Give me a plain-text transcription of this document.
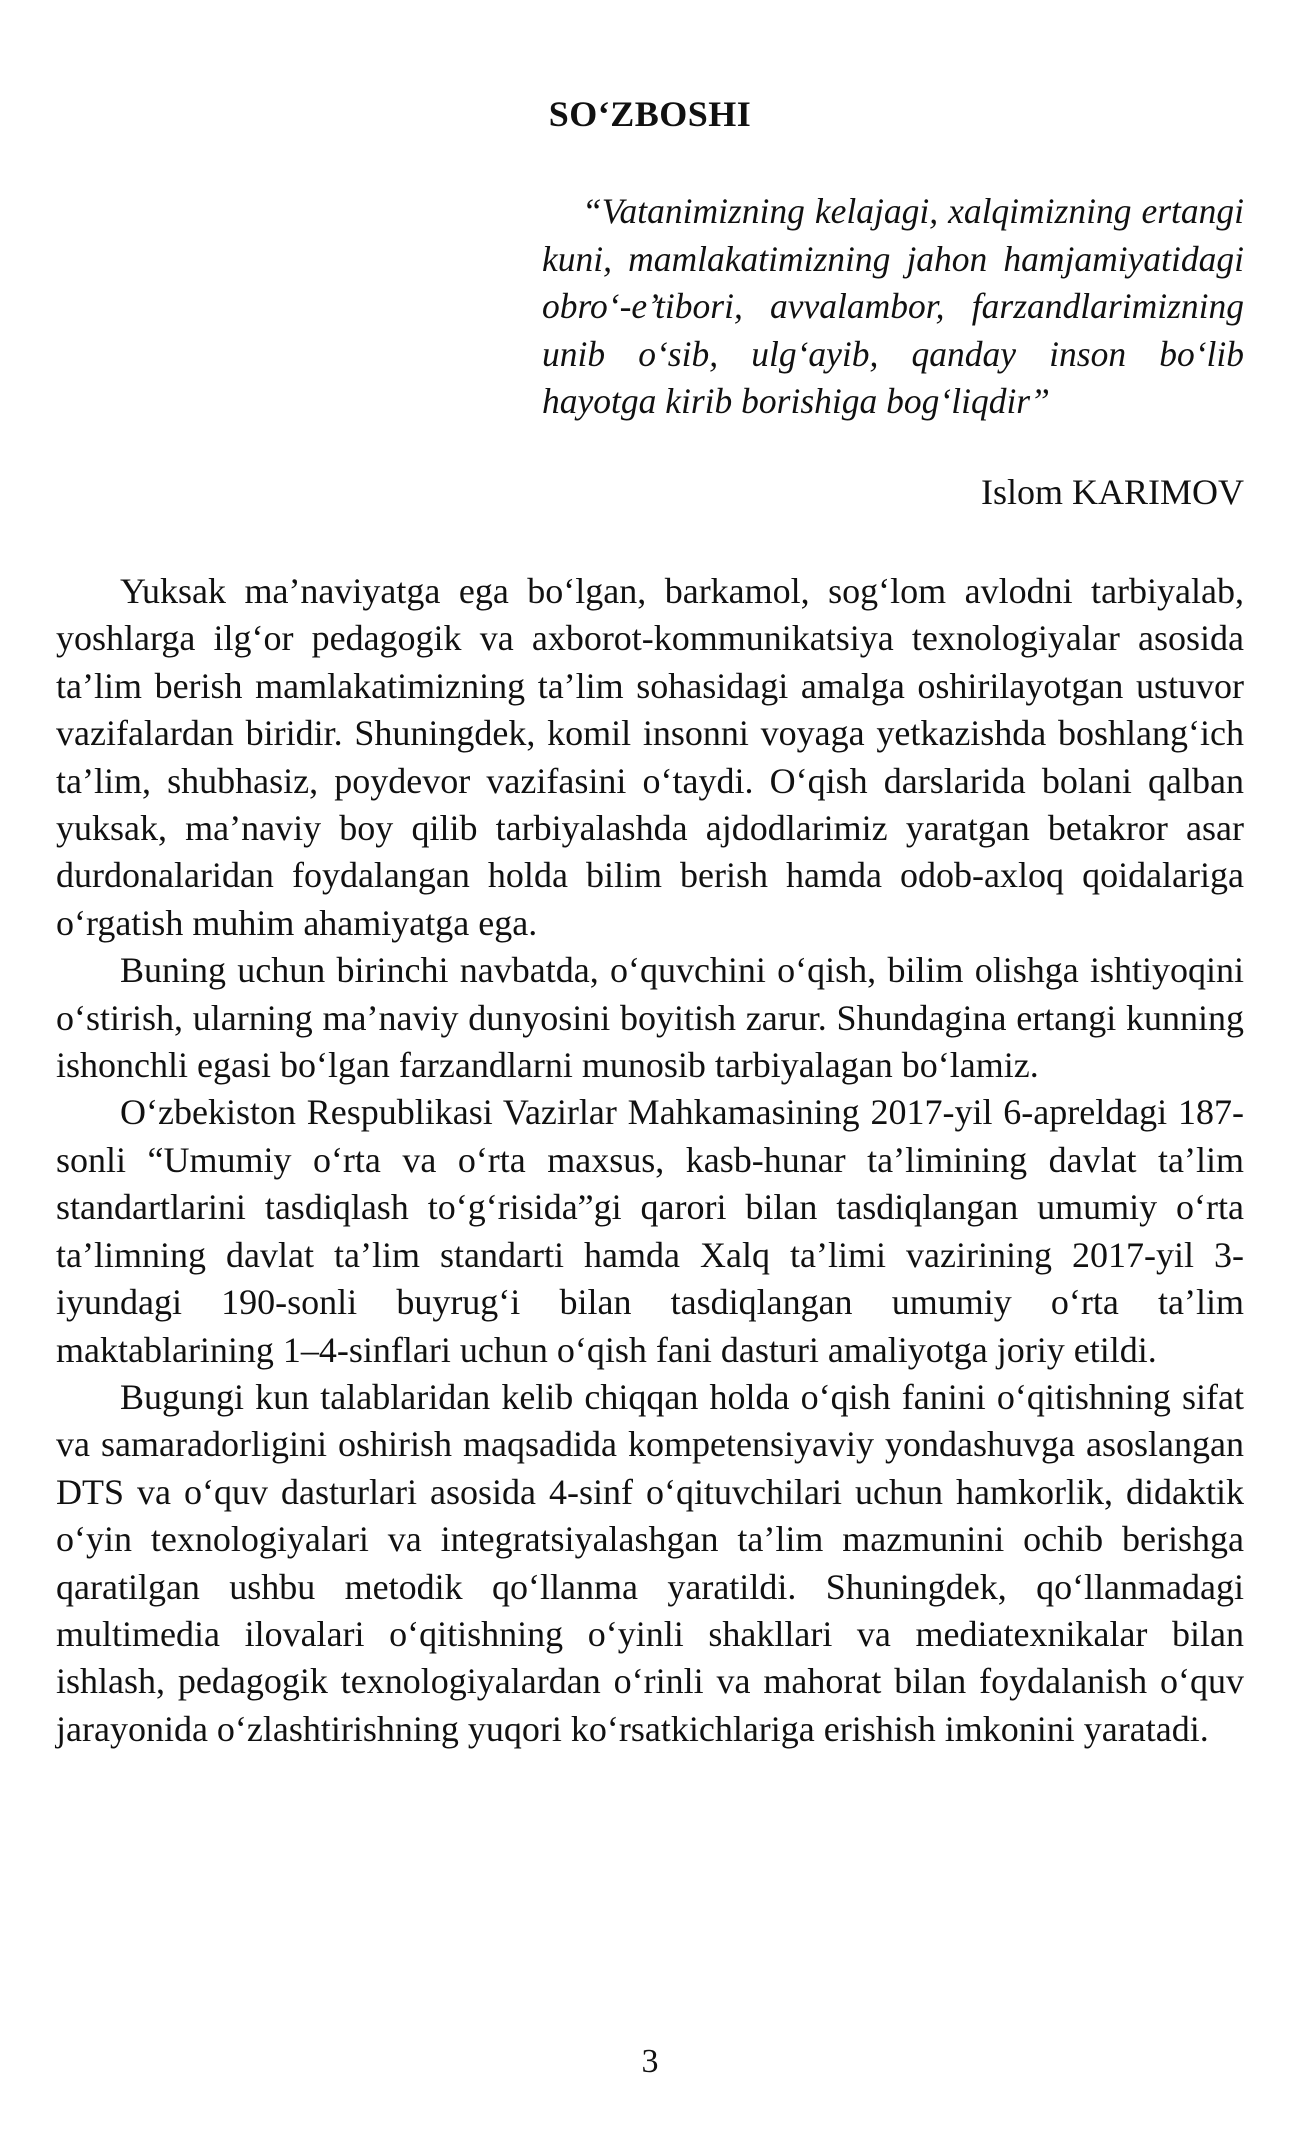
SO‘ZBOSHI

“Vatanimizning kelajagi, xalqimizning ertangi kuni, mamlakatimizning jahon hamjamiyatidagi obro‘-e’tibori, avvalambor, farzandlarimizning unib o‘sib, ulg‘ayib, qanday inson bo‘lib hayotga kirib borishiga bog‘liqdir”

Islom KARIMOV

Yuksak ma’naviyatga ega bo‘lgan, barkamol, sog‘lom avlodni tarbiyalab, yoshlarga ilg‘or pedagogik va axborot-kommunikatsiya texnologiyalar asosida ta’lim berish mamlakatimizning ta’lim sohasidagi amalga oshirilayotgan ustuvor vazifalardan biridir. Shuningdek, komil insonni voyaga yetkazishda boshlang‘ich ta’lim, shubhasiz, poydevor vazifasini o‘taydi. O‘qish darslarida bolani qalban yuksak, ma’naviy boy qilib tarbiyalashda ajdodlarimiz yaratgan betakror asar durdonalaridan foydalangan holda bilim berish hamda odob-axloq qoidalariga o‘rgatish muhim ahamiyatga ega.

Buning uchun birinchi navbatda, o‘quvchini o‘qish, bilim olishga ishtiyoqini o‘stirish, ularning ma’naviy dunyosini boyitish zarur. Shundagina ertangi kunning ishonchli egasi bo‘lgan farzandlarni munosib tarbiyalagan bo‘lamiz.

O‘zbekiston Respublikasi Vazirlar Mahkamasining 2017-yil 6-apreldagi 187-sonli “Umumiy o‘rta va o‘rta maxsus, kasb-hunar ta’limining davlat ta’lim standartlarini tasdiqlash to‘g‘risida”gi qarori bilan tasdiqlangan umumiy o‘rta ta’limning davlat ta’lim standarti hamda Xalq ta’limi vazirining 2017-yil 3-iyundagi 190-sonli buyrug‘i bilan tasdiqlangan umumiy o‘rta ta’lim maktablarining 1–4-sinflari uchun o‘qish fani dasturi amaliyotga joriy etildi.

Bugungi kun talablaridan kelib chiqqan holda o‘qish fanini o‘qitishning sifat va samaradorligini oshirish maqsadida kompetensiyaviy yondashuvga asoslangan DTS va o‘quv dasturlari asosida 4-sinf o‘qituvchilari uchun hamkorlik, didaktik o‘yin texnologiyalari va integratsiyalashgan ta’lim mazmunini ochib berishga qaratilgan ushbu metodik qo‘llanma yaratildi. Shuningdek, qo‘llanmadagi multimedia ilovalari o‘qitishning o‘yinli shakllari va mediatexnikalar bilan ishlash, pedagogik texnologiyalardan o‘rinli va mahorat bilan foydalanish o‘quv jarayonida o‘zlashtirishning yuqori ko‘rsatkichlariga erishish imkonini yaratadi.

3
